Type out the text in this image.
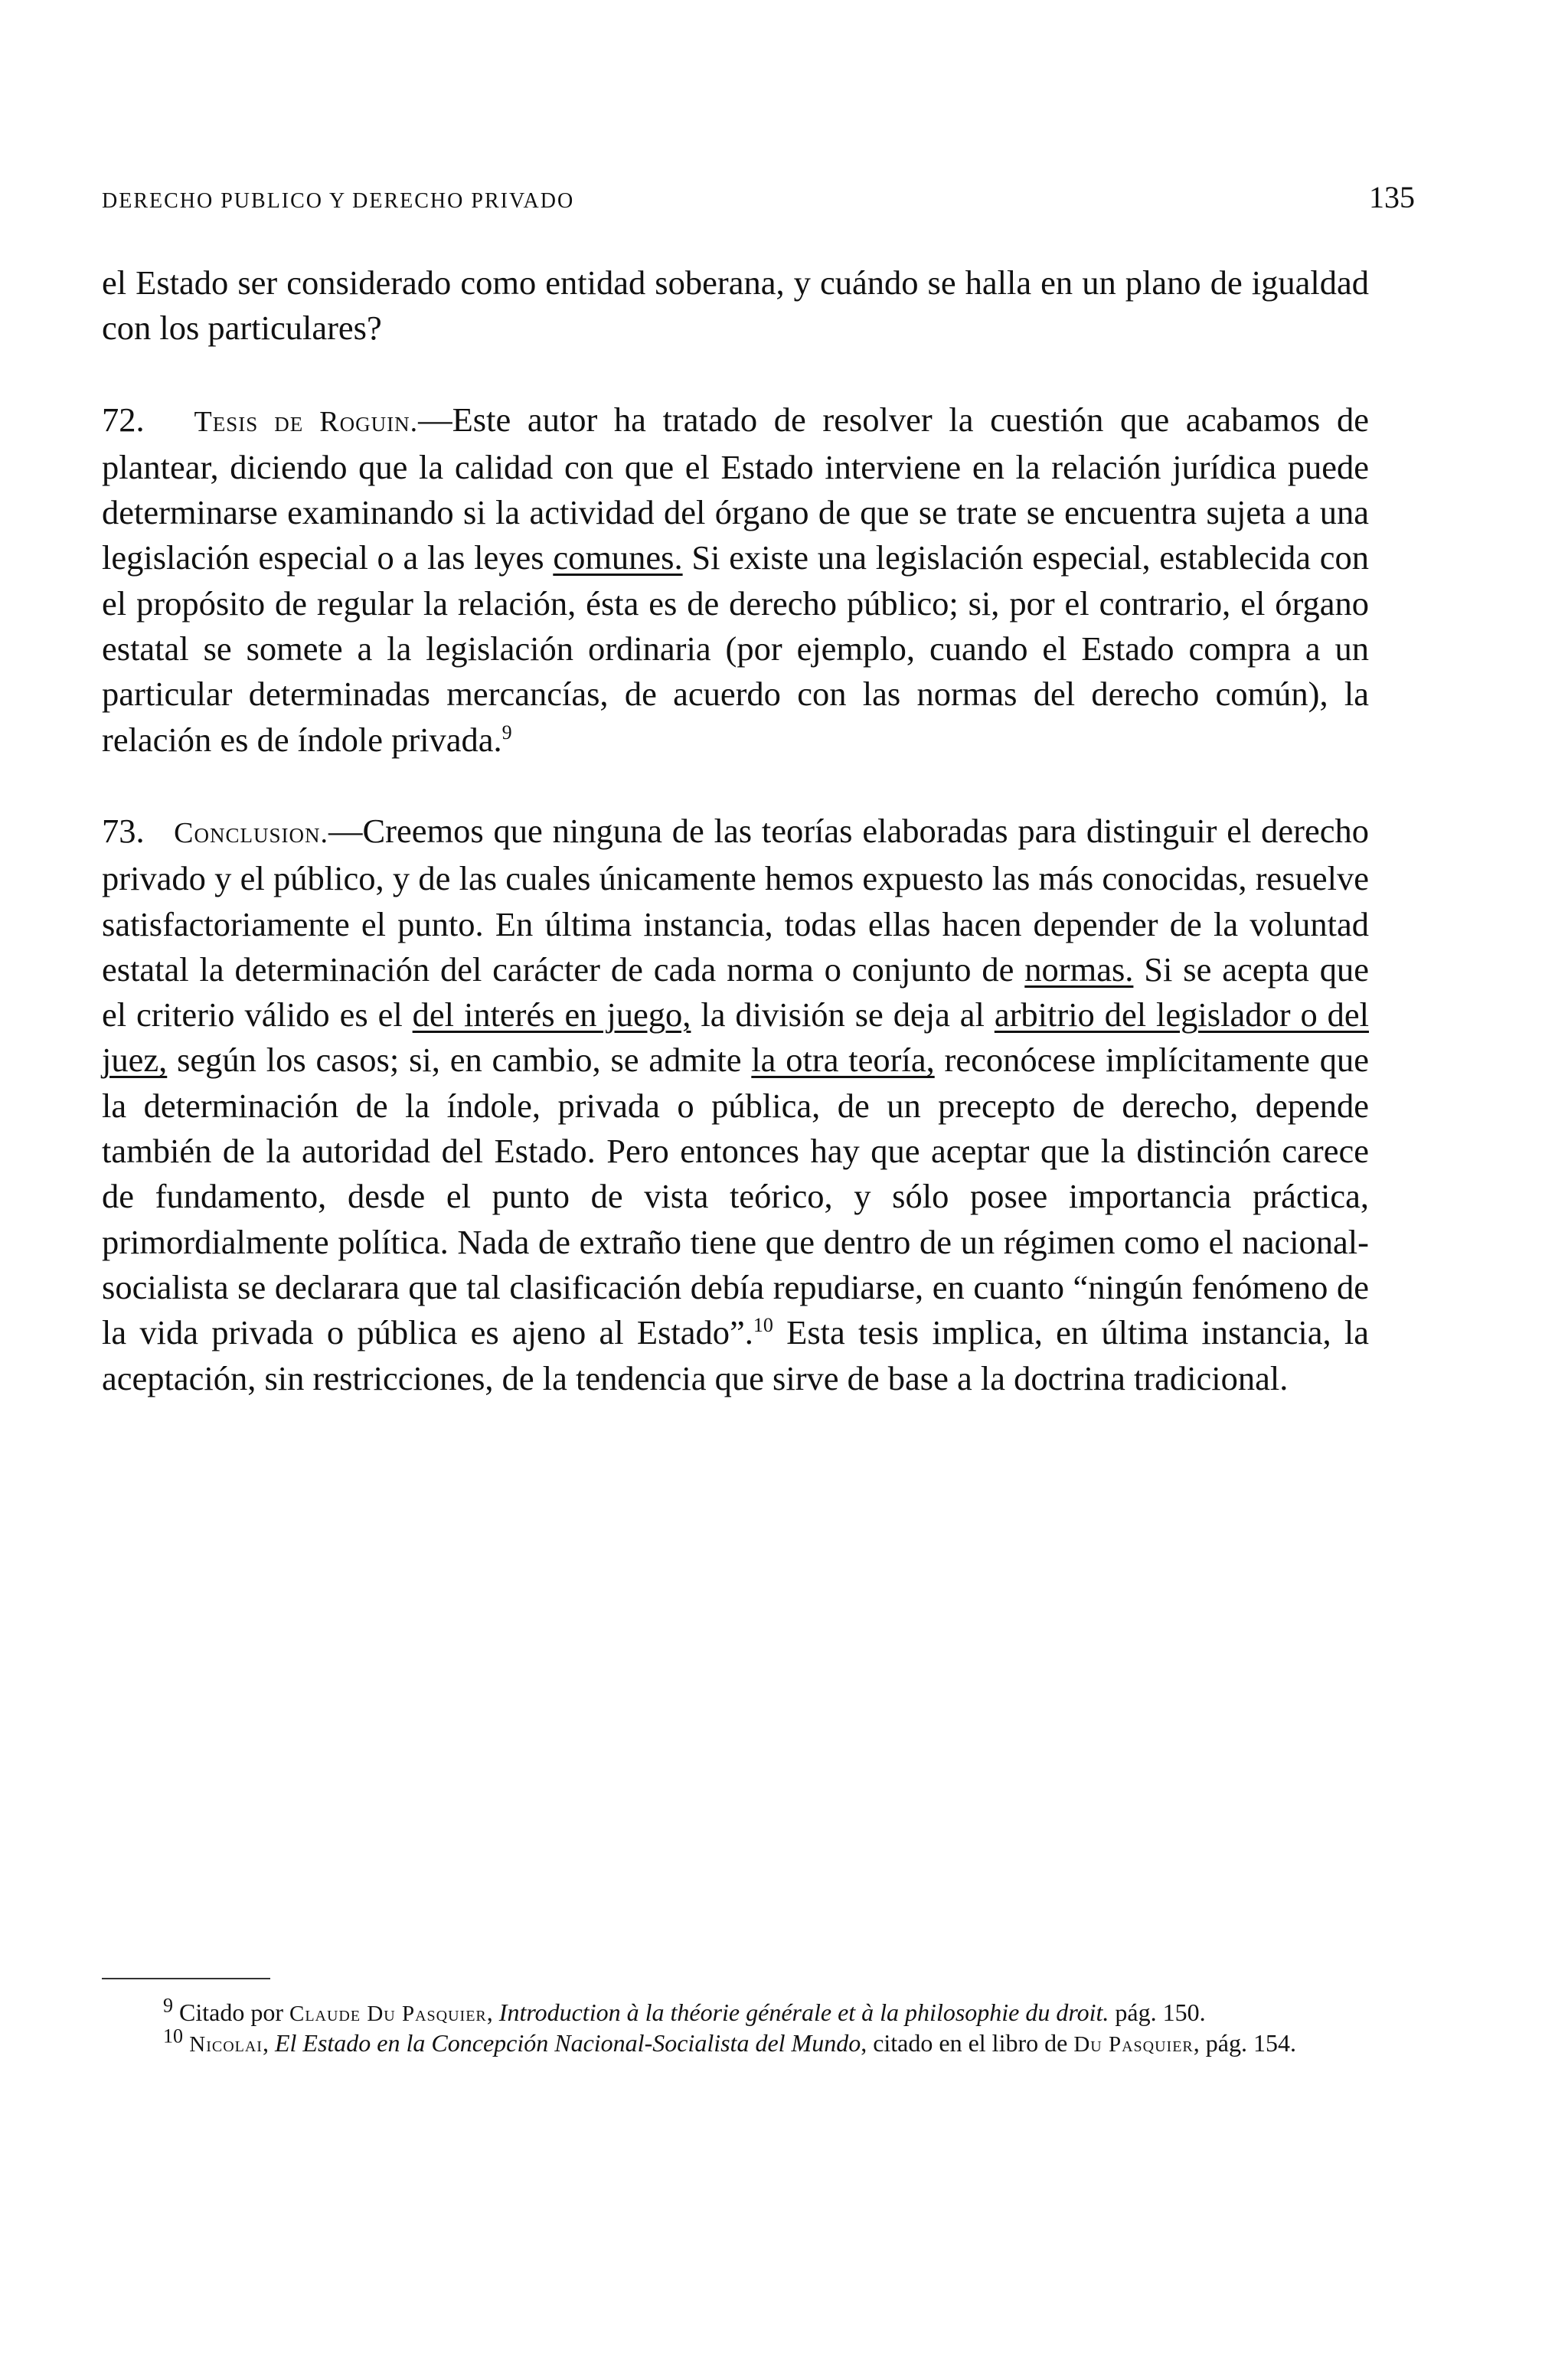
DERECHO PUBLICO Y DERECHO PRIVADO	135

el Estado ser considerado como entidad soberana, y cuándo se halla en un plano de igualdad con los particulares?

72. Tesis de Roguin.—Este autor ha tratado de resolver la cuestión que acabamos de plantear, diciendo que la calidad con que el Estado interviene en la relación jurídica puede determinarse examinando si la actividad del órgano de que se trate se encuentra sujeta a una legislación especial o a las leyes comunes. Si existe una legislación especial, establecida con el propósito de regular la relación, ésta es de derecho público; si, por el contrario, el órgano estatal se somete a la legislación ordinaria (por ejemplo, cuando el Estado compra a un particular determinadas mercancías, de acuerdo con las normas del derecho común), la relación es de índole privada.$^9$

73. Conclusion.—Creemos que ninguna de las teorías elaboradas para distinguir el derecho privado y el público, y de las cuales únicamente hemos expuesto las más conocidas, resuelve satisfactoriamente el punto. En última instancia, todas ellas hacen depender de la voluntad estatal la determinación del carácter de cada norma o conjunto de normas. Si se acepta que el criterio válido es el del interés en juego, la división se deja al arbitrio del legislador o del juez, según los casos; si, en cambio, se admite la otra teoría, reconócese implícitamente que la determinación de la índole, privada o pública, de un precepto de derecho, depende también de la autoridad del Estado. Pero entonces hay que aceptar que la distinción carece de fundamento, desde el punto de vista teórico, y sólo posee importancia práctica, primordialmente política. Nada de extraño tiene que dentro de un régimen como el nacional-socialista se declarara que tal clasificación debía repudiarse, en cuanto “ningún fenómeno de la vida privada o pública es ajeno al Estado”.$^{10}$ Esta tesis implica, en última instancia, la aceptación, sin restricciones, de la tendencia que sirve de base a la doctrina tradicional.

$^9$ Citado por Claude Du Pasquier, Introduction à la théorie générale et à la philosophie du droit. pág. 150.

$^{10}$ Nicolai, El Estado en la Concepción Nacional-Socialista del Mundo, citado en el libro de Du Pasquier, pág. 154.
